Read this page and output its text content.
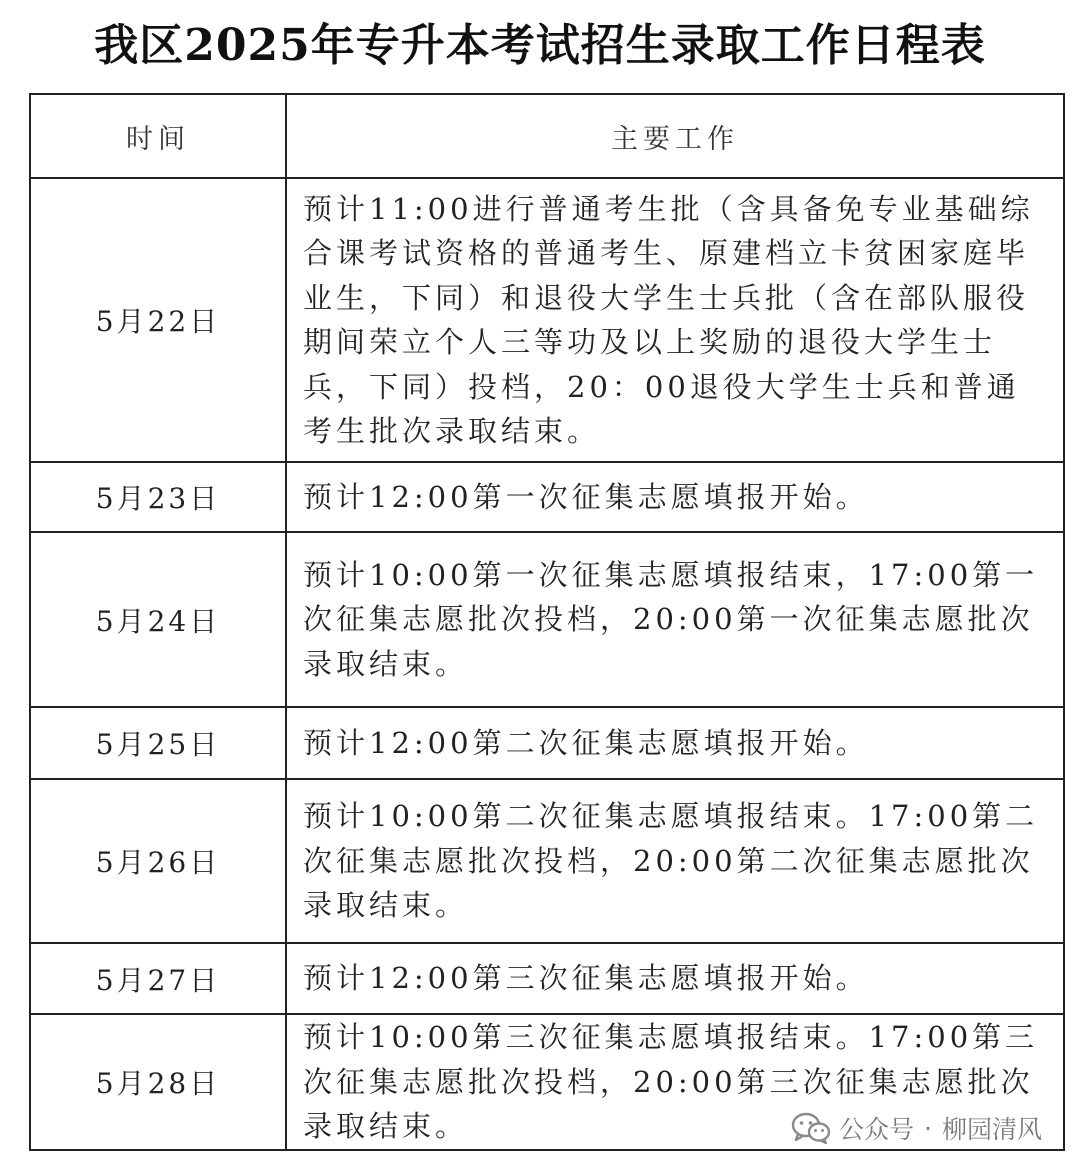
我区2025年专升本考试招生录取工作日程表
时间	主要工作
5月22日	预计11:00进行普通考生批（含具备免专业基础综合课考试资格的普通考生、原建档立卡贫困家庭毕业生，下同）和退役大学生士兵批（含在部队服役期间荣立个人三等功及以上奖励的退役大学生士兵，下同）投档，20：00退役大学生士兵和普通考生批次录取结束。

5月23日	预计12:00第一次征集志愿填报开始。

5月24日	预计10:00第一次征集志愿填报结束，17:00第一次征集志愿批次投档，20:00第一次征集志愿批次录取结束。

5月25日	预计12:00第二次征集志愿填报开始。

5月26日	预计10:00第二次征集志愿填报结束。17:00第二次征集志愿批次投档，20:00第二次征集志愿批次录取结束。

5月27日	预计12:00第三次征集志愿填报开始。

5月28日	预计10:00第三次征集志愿填报结束。17:00第三次征集志愿批次投档，20:00第三次征集志愿批次录取结束。	公众号 · 柳园清风
